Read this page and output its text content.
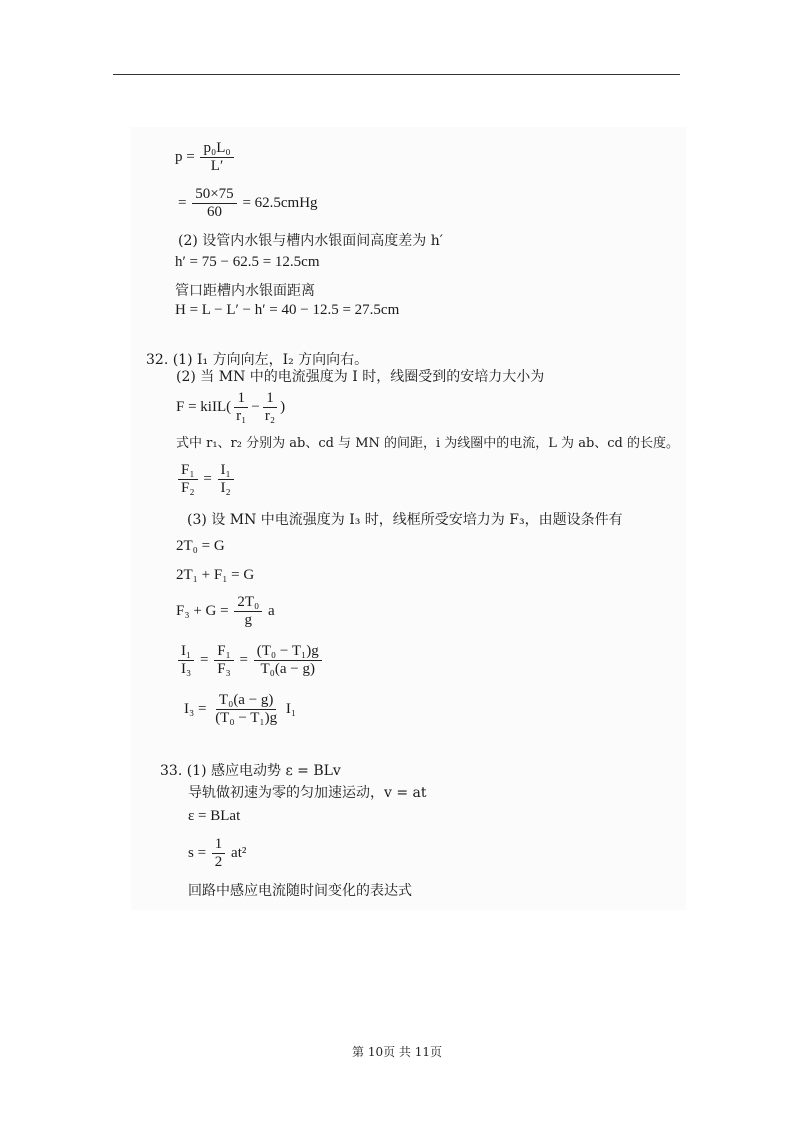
$p = \frac{\text{p₀L₀}}{L'}$
= $\frac{50\times 75}{60}$ = 62.5cmHg
(2) 设管内水银与槽内水银面间高度差为 h′
h′ = 75 − 62.5 = 12.5cm
管口距槽内水银面距离
H = L − L′ − h′ = 40 − 12.5 = 27.5cm
32. (1) I₁ 方向向左，I₂ 方向向右。
(2) 当 MN 中的电流强度为 I 时，线圈受到的安培力大小为
F = kiIL( $\frac{1}{\text{r₁}} - \frac{1}{\text{r₂}}$ )
式中 r₁、r₂ 分别为 ab、cd 与 MN 的间距，i 为线圈中的电流，L 为 ab、cd 的长度。
$\frac{\text{F₁}}{\text{F₂}} = \frac{\text{I₁}}{\text{I₂}}$
(3) 设 MN 中电流强度为 I₃ 时，线框所受安培力为 F₃，由题设条件有
2T₀ = G
2T₁ + F₁ = G
$F_3 + G = \frac{\text{2T₀}}{g}$ a
$\frac{\text{I₁}}{\text{I₃}} = \frac{\text{F₁}}{\text{F₃}} = \frac{\text{(T₀ − T₁)g}}{\text{T₀(a − g)}}$
$I_3 = \frac{\text{T₀(a − g)}}{\text{(T₀ − T₁)g}} I_1$
33. (1) 感应电动势 ε = BLv
导轨做初速为零的匀加速运动，v = at
ε = BLat
$s = \frac{1}{2} at^2$
回路中感应电流随时间变化的表达式
第 10页 共 11页
